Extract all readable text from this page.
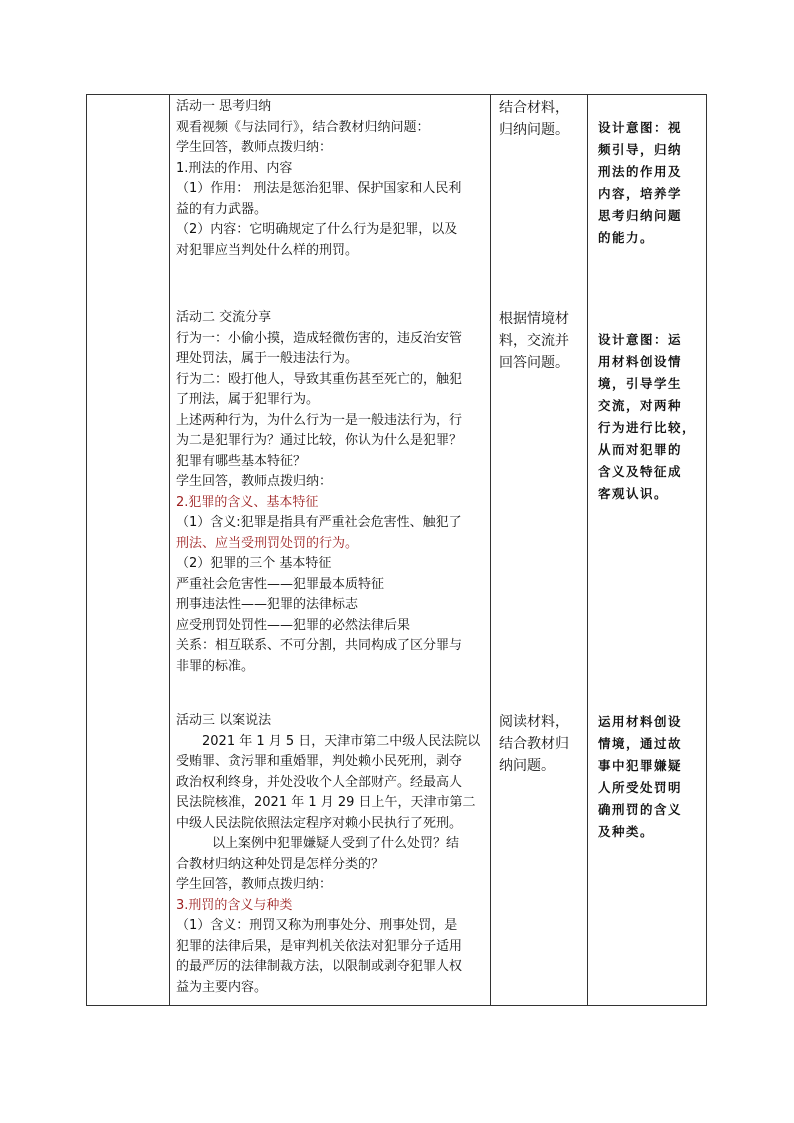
活动一 思考归纳
观看视频《与法同行》，结合教材归纳问题：
学生回答，教师点拨归纳：
1.刑法的作用、内容
（1）作用： 刑法是惩治犯罪、保护国家和人民利
益的有力武器。
（2）内容：它明确规定了什么行为是犯罪，以及
对犯罪应当判处什么样的刑罚。
活动二 交流分享
行为一：小偷小摸，造成轻微伤害的，违反治安管
理处罚法，属于一般违法行为。
行为二：殴打他人，导致其重伤甚至死亡的，触犯
了刑法，属于犯罪行为。
上述两种行为，为什么行为一是一般违法行为，行
为二是犯罪行为？通过比较，你认为什么是犯罪？
犯罪有哪些基本特征？
学生回答，教师点拨归纳：
2.犯罪的含义、基本特征
（1）含义:犯罪是指具有严重社会危害性、触犯了
刑法、应当受刑罚处罚的行为。
（2）犯罪的三个 基本特征
严重社会危害性——犯罪最本质特征
刑事违法性——犯罪的法律标志
应受刑罚处罚性——犯罪的必然法律后果
关系：相互联系、不可分割，共同构成了区分罪与
非罪的标准。
活动三 以案说法
2021 年 1 月 5 日，天津市第二中级人民法院以
受贿罪、贪污罪和重婚罪，判处赖小民死刑，剥夺
政治权利终身，并处没收个人全部财产。经最高人
民法院核准，2021 年 1 月 29 日上午，天津市第二
中级人民法院依照法定程序对赖小民执行了死刑。
以上案例中犯罪嫌疑人受到了什么处罚？结
合教材归纳这种处罚是怎样分类的？
学生回答，教师点拨归纳：
3.刑罚的含义与种类
（1）含义：刑罚又称为刑事处分、刑事处罚，是
犯罪的法律后果，是审判机关依法对犯罪分子适用
的最严厉的法律制裁方法，以限制或剥夺犯罪人权
益为主要内容。
结合材料，
归纳问题。
根据情境材
料，交流并
回答问题。
阅读材料，
结合教材归
纳问题。
设计意图：视
频引导，归纳
刑法的作用及
内容，培养学
思考归纳问题
的能力。
设计意图：运
用材料创设情
境，引导学生
交流，对两种
行为进行比较，
从而对犯罪的
含义及特征成
客观认识。
运用材料创设
情境，通过故
事中犯罪嫌疑
人所受处罚明
确刑罚的含义
及种类。
